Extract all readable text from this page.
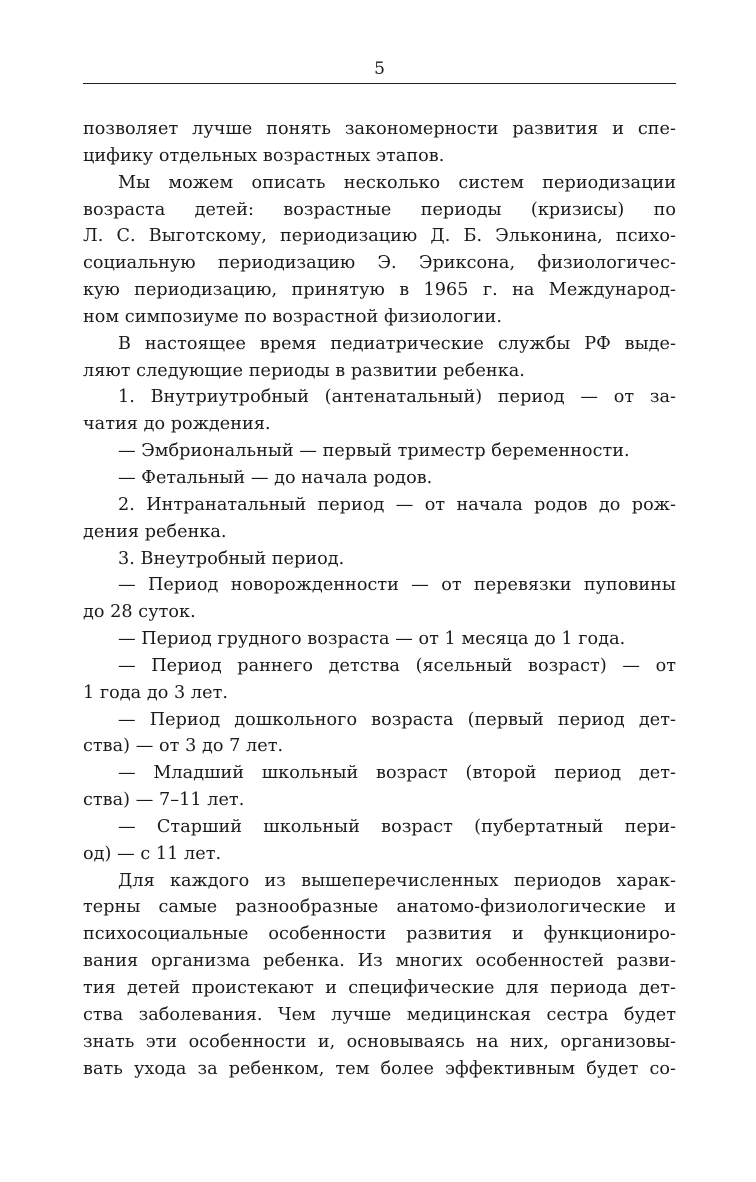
5
позволяет лучше понять закономерности развития и спе-
цифику отдельных возрастных этапов.
Мы можем описать несколько систем периодизации
возраста детей: возрастные периоды (кризисы) по
Л. С. Выготскому, периодизацию Д. Б. Эльконина, психо-
социальную периодизацию Э. Эриксона, физиологичес-
кую периодизацию, принятую в 1965 г. на Международ-
ном симпозиуме по возрастной физиологии.
В настоящее время педиатрические службы РФ выде-
ляют следующие периоды в развитии ребенка.
1. Внутриутробный (антенатальный) период — от за-
чатия до рождения.
— Эмбриональный — первый триместр беременности.
— Фетальный — до начала родов.
2. Интранатальный период — от начала родов до рож-
дения ребенка.
3. Внеутробный период.
— Период новорожденности — от перевязки пуповины
до 28 суток.
— Период грудного возраста — от 1 месяца до 1 года.
— Период раннего детства (ясельный возраст) — от
1 года до 3 лет.
— Период дошкольного возраста (первый период дет-
ства) — от 3 до 7 лет.
— Младший школьный возраст (второй период дет-
ства) — 7–11 лет.
— Старший школьный возраст (пубертатный пери-
од) — с 11 лет.
Для каждого из вышеперечисленных периодов харак-
терны самые разнообразные анатомо-физиологические и
психосоциальные особенности развития и функциониро-
вания организма ребенка. Из многих особенностей разви-
тия детей проистекают и специфические для периода дет-
ства заболевания. Чем лучше медицинская сестра будет
знать эти особенности и, основываясь на них, организовы-
вать ухода за ребенком, тем более эффективным будет со-
